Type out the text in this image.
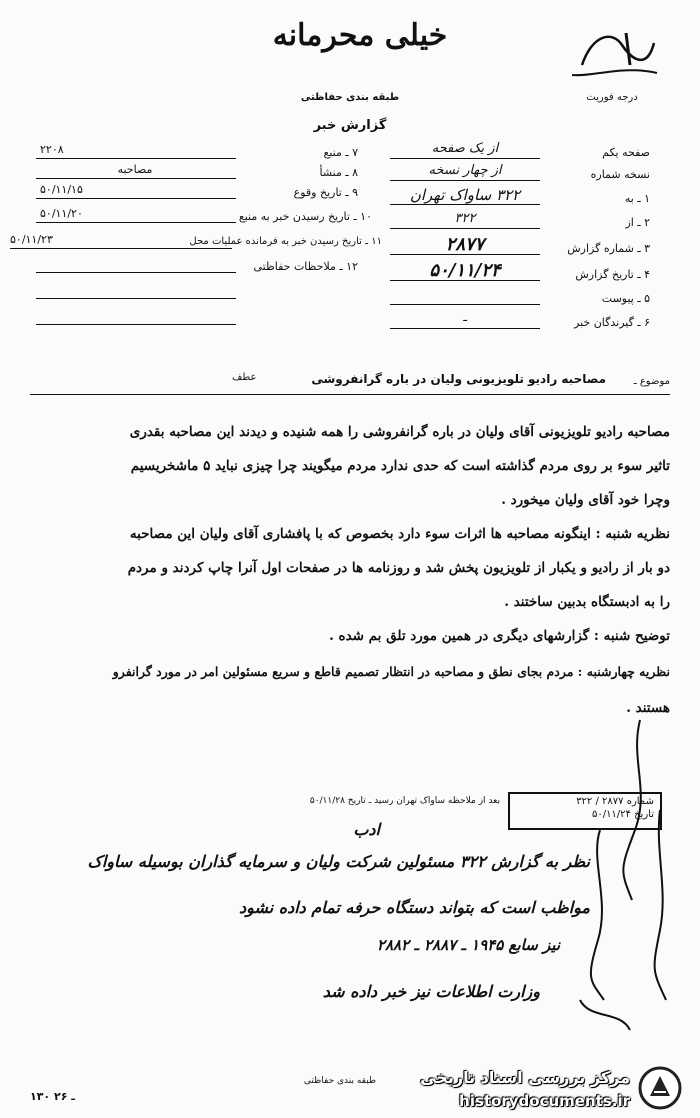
خیلی محرمانه
درجه فوریت
طبقه بندی حفاظتی
گزارش خبر
۷ ـ منبع
۲۲۰۸
۸ ـ منشأ
مصاحبه
۹ ـ تاریخ وقوع
۵۰/۱۱/۱۵
۱۰ ـ تاریخ رسیدن خبر به منبع
۵۰/۱۱/۲۰
۱۱ ـ تاریخ رسیدن خبر به فرمانده عملیات محل
۵۰/۱۱/۲۳
۱۲ ـ ملاحظات حفاظتی
صفحه یکم
از یک صفحه
نسخه شماره
از چهار نسخه
۱ ـ به
۳۲۲ ساواک تهران
۲ ـ از
۳۲۲
۳ ـ شماره گزارش
۲۸۷۷
۴ ـ تاریخ گزارش
۵۰/۱۱/۲۴
۵ ـ پیوست
۶ ـ گیرندگان خبر
ـ
موضوع ـ
مصاحبه رادیو تلویزیونی ولیان در باره گرانفروشی
عطف
مصاحبه رادیو تلویزیونی آقای ولیان در باره گرانفروشی را همه شنیده و دیدند این مصاحبه بقدری
تاثیر سوء بر روی مردم گذاشته است که حدی ندارد مردم میگویند چرا چیزی نباید ۵ ماشخریسیم
وچرا خود آقای ولیان میخورد .
نظریه شنبه : اینگونه مصاحبه ها اثرات سوء دارد بخصوص که با پافشاری آقای ولیان این مصاحبه
دو بار از رادیو و یکبار از تلویزیون پخش شد و روزنامه ها در صفحات اول آنرا چاپ کردند و مردم
را به ادبستگاه بدبین ساختند .
توضیح شنبه : گزارشهای دیگری در همین مورد تلق بم شده .
نظریه چهارشنبه : مردم بجای نطق و مصاحبه در انتظار تصمیم قاطع و سریع مسئولین امر در مورد گرانفرو
هستند .
بعد از ملاحظه ساواک تهران رسید ـ تاریخ ۵۰/۱۱/۲۸	شماره ۲۸۷۷ / ۳۲۲
تاریخ ۵۰/۱۱/۲۴
ادب
نظر به گزارش ۳۲۲ مسئولین شرکت ولیان و سرمایه گذاران بوسیله ساواک
مواظب است که بتواند دستگاه حرفه تمام داده نشود
نیز سابع ۱۹۴۵ ـ ۲۸۸۷ ـ ۲۸۸۲
وزارت اطلاعات نیز خبر داده شد
طبقه بندی حفاظتی
۱۳۰ ـ ۲۶
مرکز بررسی اسناد تاریخی
historydocuments.ir
